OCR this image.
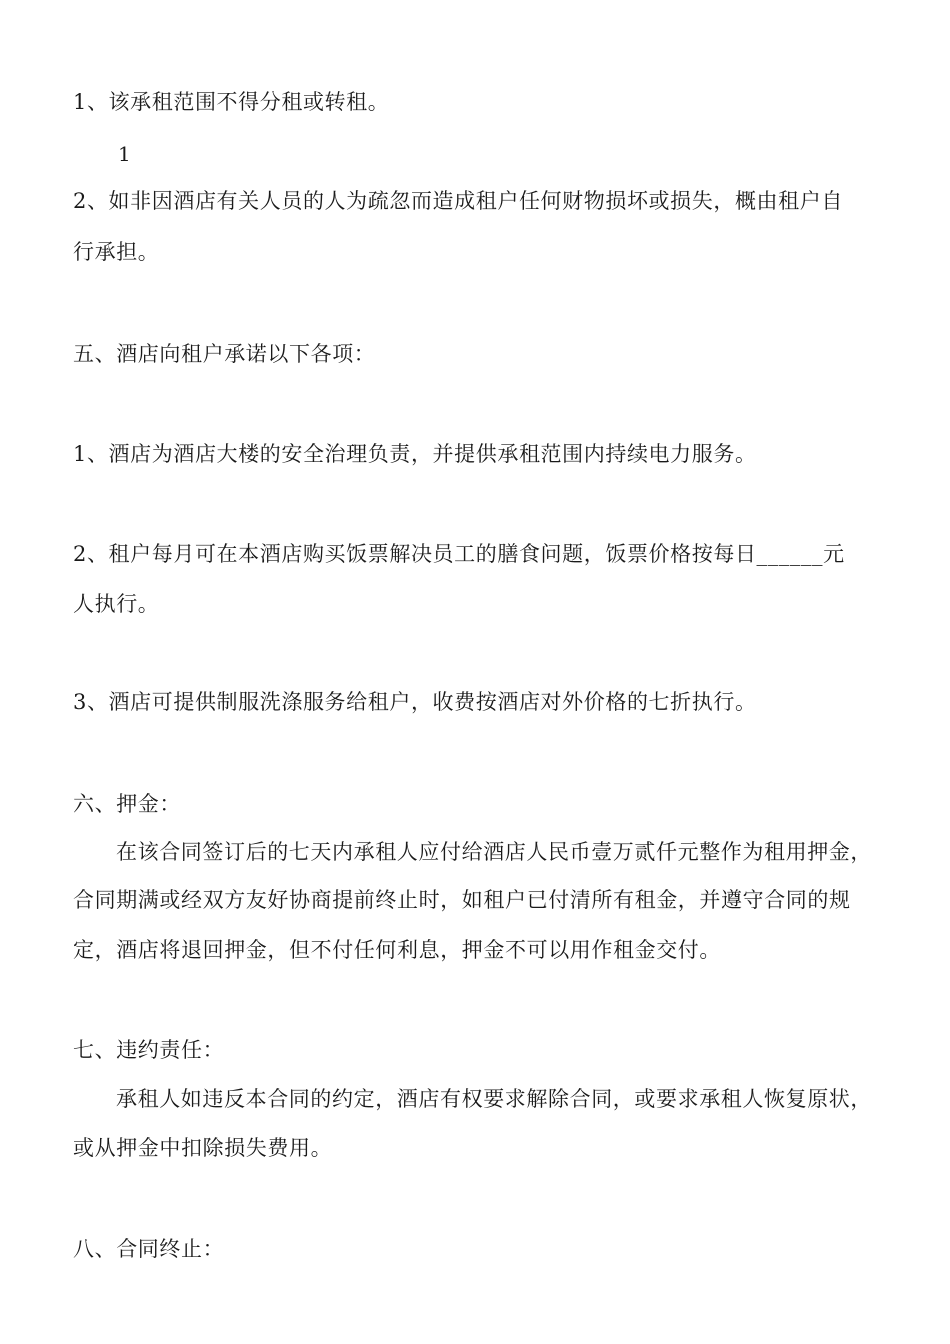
1、该承租范围不得分租或转租。
1
2、如非因酒店有关人员的人为疏忽而造成租户任何财物损坏或损失，概由租户自
行承担。
五、酒店向租户承诺以下各项：
1、酒店为酒店大楼的安全治理负责，并提供承租范围内持续电力服务。
2、租户每月可在本酒店购买饭票解决员工的膳食问题，饭票价格按每日______元
人执行。
3、酒店可提供制服洗涤服务给租户，收费按酒店对外价格的七折执行。
六、押金：
在该合同签订后的七天内承租人应付给酒店人民币壹万贰仟元整作为租用押金，
合同期满或经双方友好协商提前终止时，如租户已付清所有租金，并遵守合同的规
定，酒店将退回押金，但不付任何利息，押金不可以用作租金交付。
七、违约责任：
承租人如违反本合同的约定，酒店有权要求解除合同，或要求承租人恢复原状，
或从押金中扣除损失费用。
八、合同终止：
